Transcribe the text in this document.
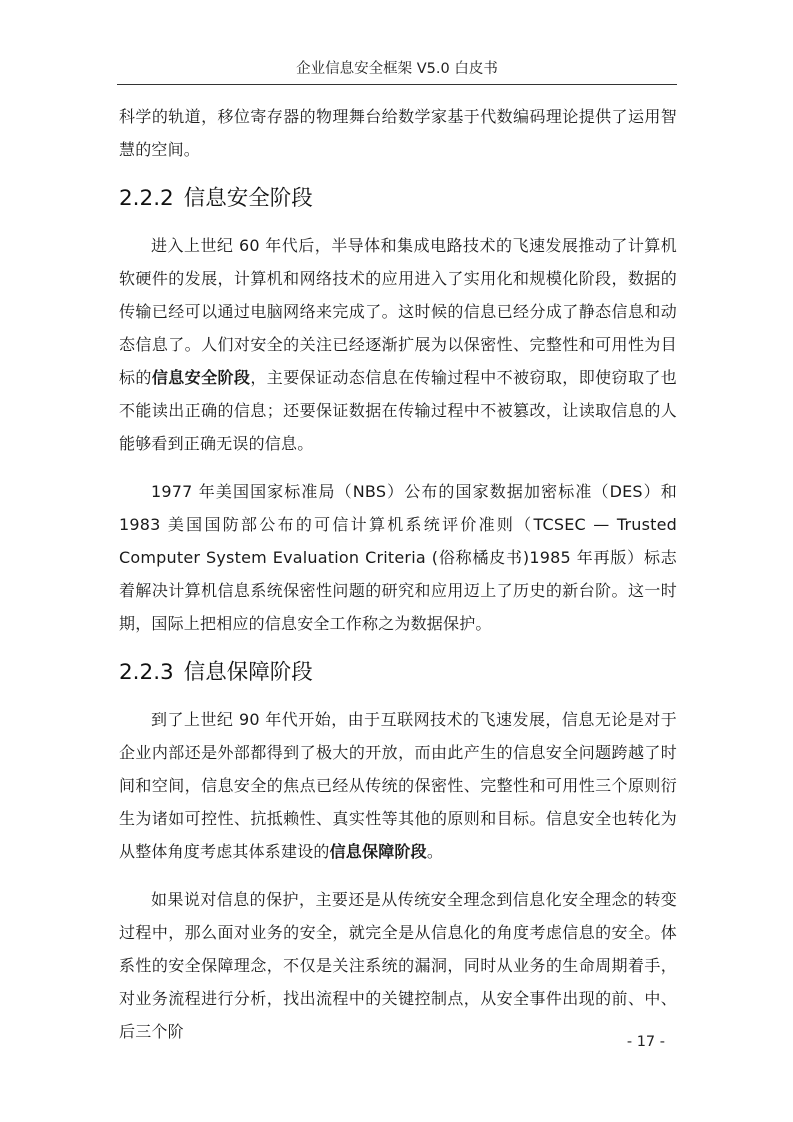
企业信息安全框架 V5.0 白皮书

科学的轨道，移位寄存器的物理舞台给数学家基于代数编码理论提供了运用智慧的空间。

2.2.2 信息安全阶段

进入上世纪 60 年代后，半导体和集成电路技术的飞速发展推动了计算机软硬件的发展，计算机和网络技术的应用进入了实用化和规模化阶段，数据的传输已经可以通过电脑网络来完成了。这时候的信息已经分成了静态信息和动态信息了。人们对安全的关注已经逐渐扩展为以保密性、完整性和可用性为目标的信息安全阶段，主要保证动态信息在传输过程中不被窃取，即使窃取了也不能读出正确的信息；还要保证数据在传输过程中不被篡改，让读取信息的人能够看到正确无误的信息。

1977 年美国国家标准局（NBS）公布的国家数据加密标准（DES）和 1983 美国国防部公布的可信计算机系统评价准则（TCSEC — Trusted Computer System Evaluation Criteria (俗称橘皮书)1985 年再版）标志着解决计算机信息系统保密性问题的研究和应用迈上了历史的新台阶。这一时期，国际上把相应的信息安全工作称之为数据保护。

2.2.3 信息保障阶段

到了上世纪 90 年代开始，由于互联网技术的飞速发展，信息无论是对于企业内部还是外部都得到了极大的开放，而由此产生的信息安全问题跨越了时间和空间，信息安全的焦点已经从传统的保密性、完整性和可用性三个原则衍生为诸如可控性、抗抵赖性、真实性等其他的原则和目标。信息安全也转化为从整体角度考虑其体系建设的信息保障阶段。

如果说对信息的保护，主要还是从传统安全理念到信息化安全理念的转变过程中，那么面对业务的安全，就完全是从信息化的角度考虑信息的安全。体系性的安全保障理念，不仅是关注系统的漏洞，同时从业务的生命周期着手，对业务流程进行分析，找出流程中的关键控制点，从安全事件出现的前、中、后三个阶

- 17 -
